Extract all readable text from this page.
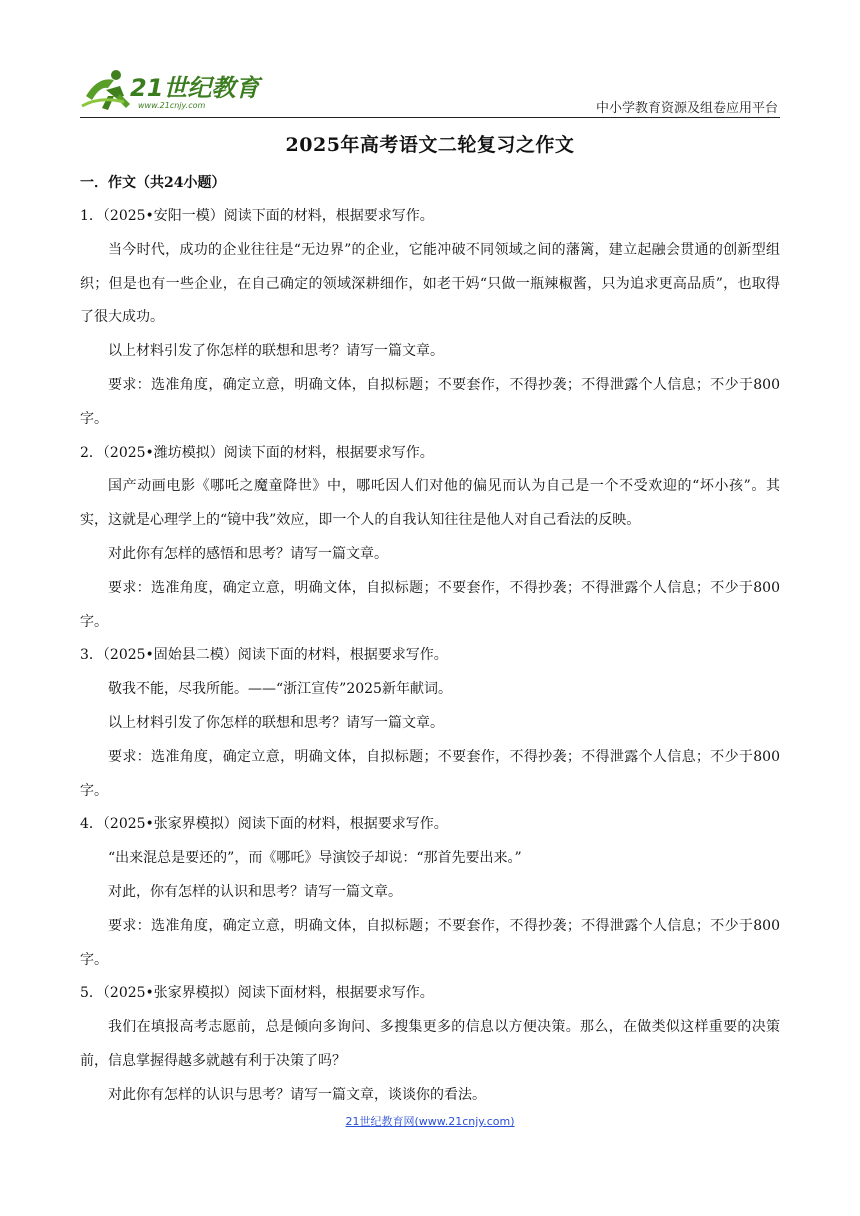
21世纪教育
www.21cnjy.com	中小学教育资源及组卷应用平台
2025年高考语文二轮复习之作文
一．作文（共24小题）

1．（2025•安阳一模）阅读下面的材料，根据要求写作。

当今时代，成功的企业往往是“无边界”的企业，它能冲破不同领域之间的藩篱，建立起融会贯通的创新型组织；但是也有一些企业，在自己确定的领域深耕细作，如老干妈“只做一瓶辣椒酱，只为追求更高品质”，也取得了很大成功。

以上材料引发了你怎样的联想和思考？请写一篇文章。

要求：选准角度，确定立意，明确文体，自拟标题；不要套作，不得抄袭；不得泄露个人信息；不少于800字。

2．（2025•潍坊模拟）阅读下面的材料，根据要求写作。

国产动画电影《哪吒之魔童降世》中，哪吒因人们对他的偏见而认为自己是一个不受欢迎的“坏小孩”。其实，这就是心理学上的“镜中我”效应，即一个人的自我认知往往是他人对自己看法的反映。

对此你有怎样的感悟和思考？请写一篇文章。

要求：选准角度，确定立意，明确文体，自拟标题；不要套作，不得抄袭；不得泄露个人信息；不少于800字。

3．（2025•固始县二模）阅读下面的材料，根据要求写作。

敬我不能，尽我所能。——“浙江宣传”2025新年献词。

以上材料引发了你怎样的联想和思考？请写一篇文章。

要求：选准角度，确定立意，明确文体，自拟标题；不要套作，不得抄袭；不得泄露个人信息；不少于800字。

4．（2025•张家界模拟）阅读下面的材料，根据要求写作。

“出来混总是要还的”，而《哪吒》导演饺子却说：“那首先要出来。”

对此，你有怎样的认识和思考？请写一篇文章。

要求：选准角度，确定立意，明确文体，自拟标题；不要套作，不得抄袭；不得泄露个人信息；不少于800字。

5．（2025•张家界模拟）阅读下面材料，根据要求写作。

我们在填报高考志愿前，总是倾向多询问、多搜集更多的信息以方便决策。那么，在做类似这样重要的决策前，信息掌握得越多就越有利于决策了吗？

对此你有怎样的认识与思考？请写一篇文章，谈谈你的看法。

21世纪教育网(www.21cnjy.com)
